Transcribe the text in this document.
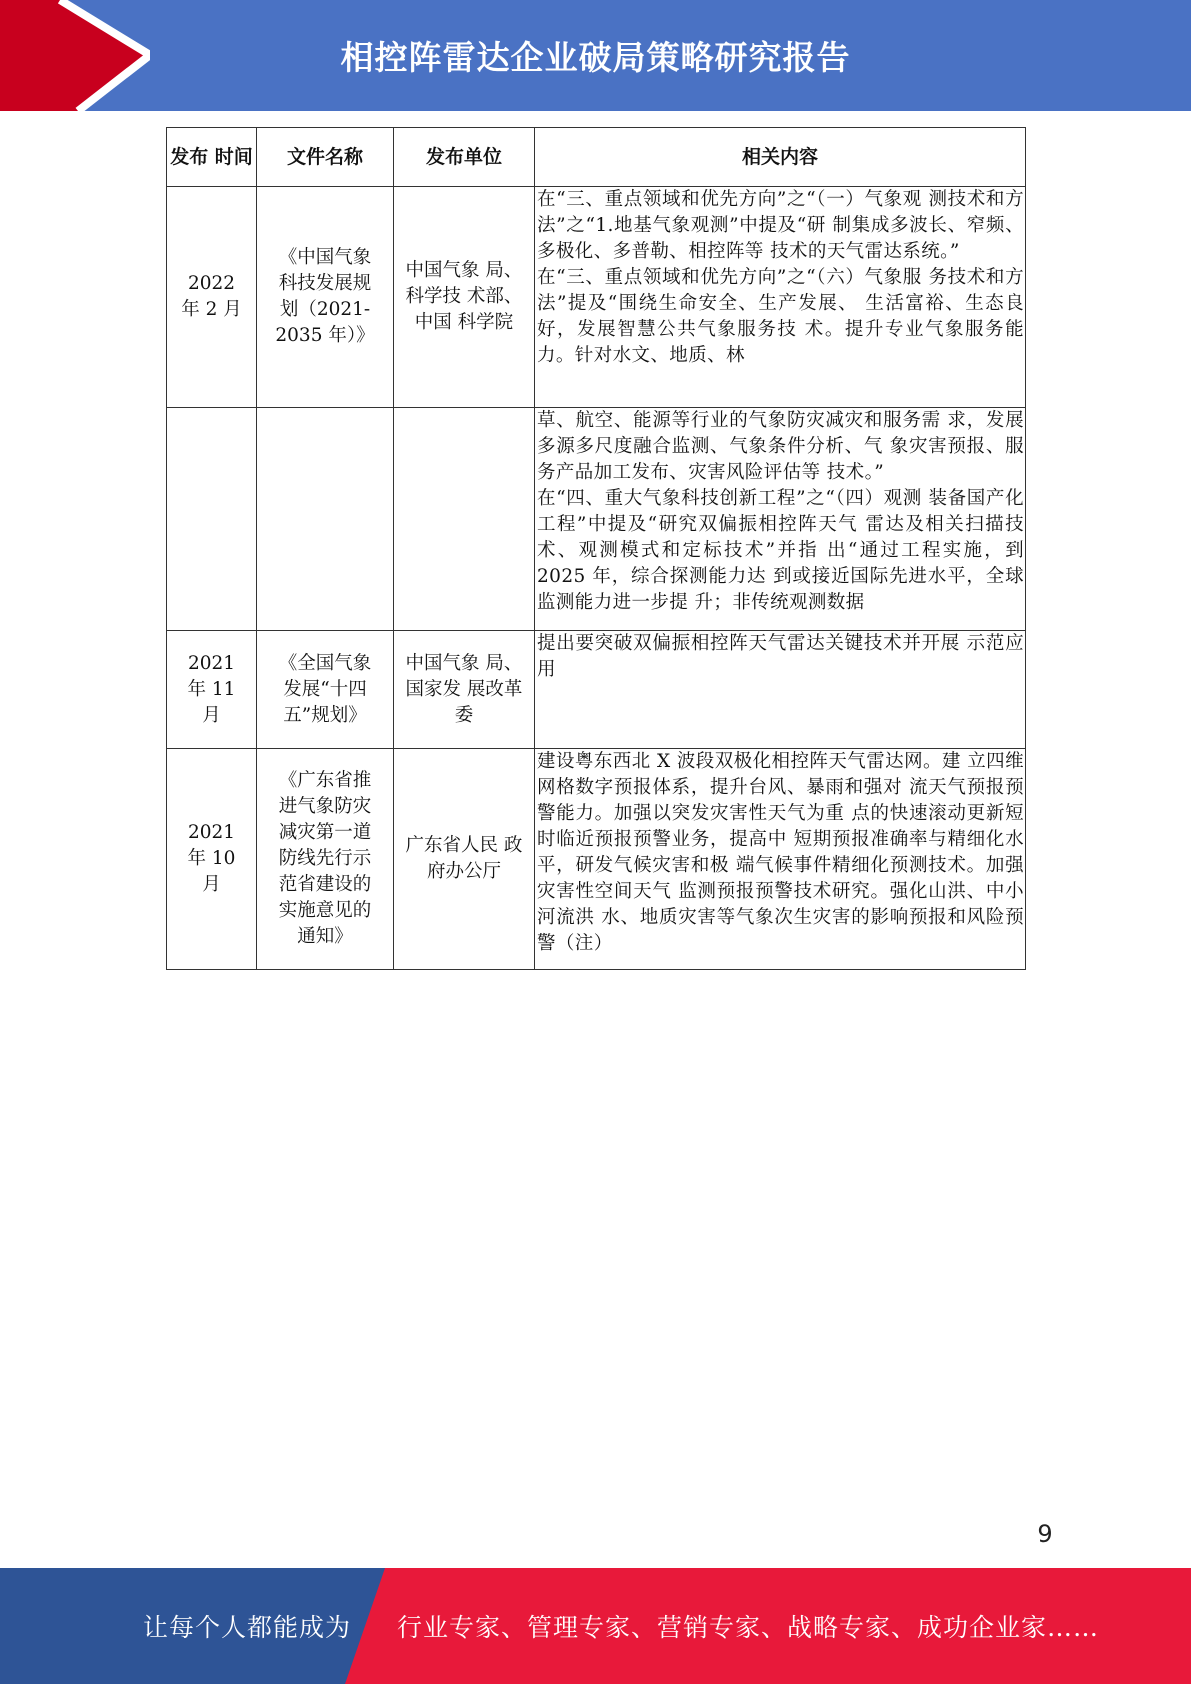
相控阵雷达企业破局策略研究报告
发布 时间	文件名称	发布单位	相关内容
2022 年 2 月	《中国气象科技发展规划（2021-2035 年）》	中国气象 局、科学技 术部、中国 科学院	在“三、重点领域和优先方向”之“（一）气象观 测技术和方法”之“1.地基气象观测”中提及“研 制集成多波长、窄频、多极化、多普勒、相控阵等 技术的天气雷达系统。”

在“三、重点领域和优先方向”之“（六）气象服 务技术和方法”提及“围绕生命安全、生产发展、 生活富裕、生态良好，发展智慧公共气象服务技 术。提升专业气象服务能力。针对水文、地质、林

			草、航空、能源等行业的气象防灾减灾和服务需 求，发展多源多尺度融合监测、气象条件分析、气 象灾害预报、服务产品加工发布、灾害风险评估等 技术。”

在“四、重大气象科技创新工程”之“（四）观测 装备国产化工程”中提及“研究双偏振相控阵天气 雷达及相关扫描技术、观测模式和定标技术”并指 出“通过工程实施，到 2025 年，综合探测能力达 到或接近国际先进水平，全球监测能力进一步提 升；非传统观测数据

2021 年 11 月	《全国气象发展“十四五”规划》	中国气象 局、国家发 展改革委	提出要突破双偏振相控阵天气雷达关键技术并开展 示范应用

2021 年 10 月	《广东省推进气象防灾减灾第一道防线先行示范省建设的实施意见的通知》	广东省人民 政府办公厅	建设粤东西北 X 波段双极化相控阵天气雷达网。建 立四维网格数字预报体系，提升台风、暴雨和强对 流天气预报预警能力。加强以突发灾害性天气为重 点的快速滚动更新短时临近预报预警业务，提高中 短期预报准确率与精细化水平，研发气候灾害和极 端气候事件精细化预测技术。加强灾害性空间天气 监测预报预警技术研究。强化山洪、中小河流洪 水、地质灾害等气象次生灾害的影响预报和风险预 警（注）

9
让每个人都能成为 行业专家、管理专家、营销专家、战略专家、成功企业家……
